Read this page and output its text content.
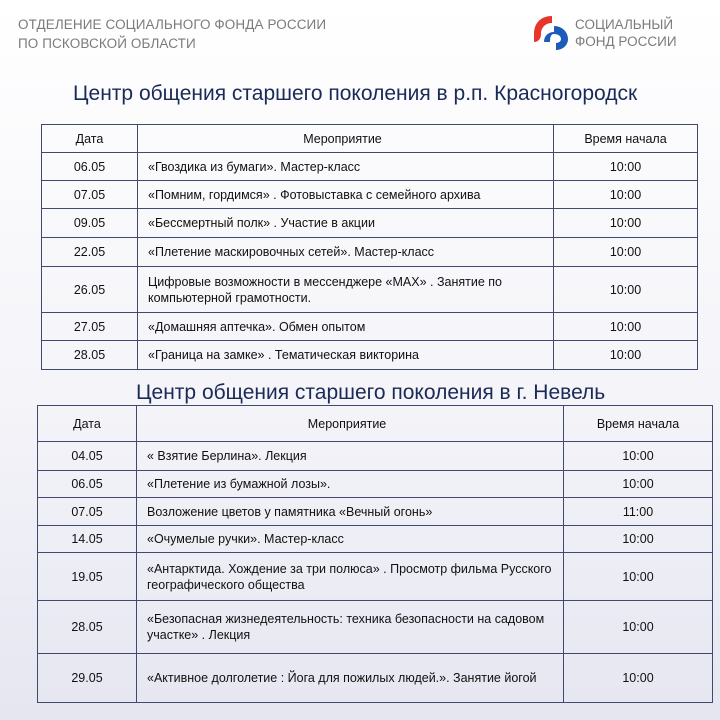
ОТДЕЛЕНИЕ СОЦИАЛЬНОГО ФОНДА РОССИИ
ПО ПСКОВСКОЙ ОБЛАСТИ
СОЦИАЛЬНЫЙ
ФОНД РОССИИ
Центр общения старшего поколения в р.п. Красногородск
Дата	Мероприятие	Время начала
06.05	«Гвоздика из бумаги». Мастер-класс	10:00
07.05	«Помним, гордимся» . Фотовыставка с семейного архива	10:00
09.05	«Бессмертный полк» . Участие в акции	10:00
22.05	«Плетение маскировочных сетей». Мастер-класс	10:00
26.05	Цифровые возможности в мессенджере «MAX» . Занятие по компьютерной грамотности.	10:00
27.05	«Домашняя аптечка». Обмен опытом	10:00
28.05	«Граница на замке» . Тематическая викторина	10:00
Центр общения старшего поколения в г. Невель
Дата	Мероприятие	Время начала
04.05	« Взятие Берлина». Лекция	10:00
06.05	«Плетение из бумажной лозы».	10:00
07.05	Возложение цветов у памятника «Вечный огонь»	11:00
14.05	«Очумелые ручки». Мастер-класс	10:00
19.05	«Антарктида. Хождение за три полюса» . Просмотр фильма Русского географического общества	10:00
28.05	«Безопасная жизнедеятельность: техника безопасности на садовом участке» . Лекция	10:00
29.05	«Активное долголетие : Йога для пожилых людей.». Занятие йогой	10:00
